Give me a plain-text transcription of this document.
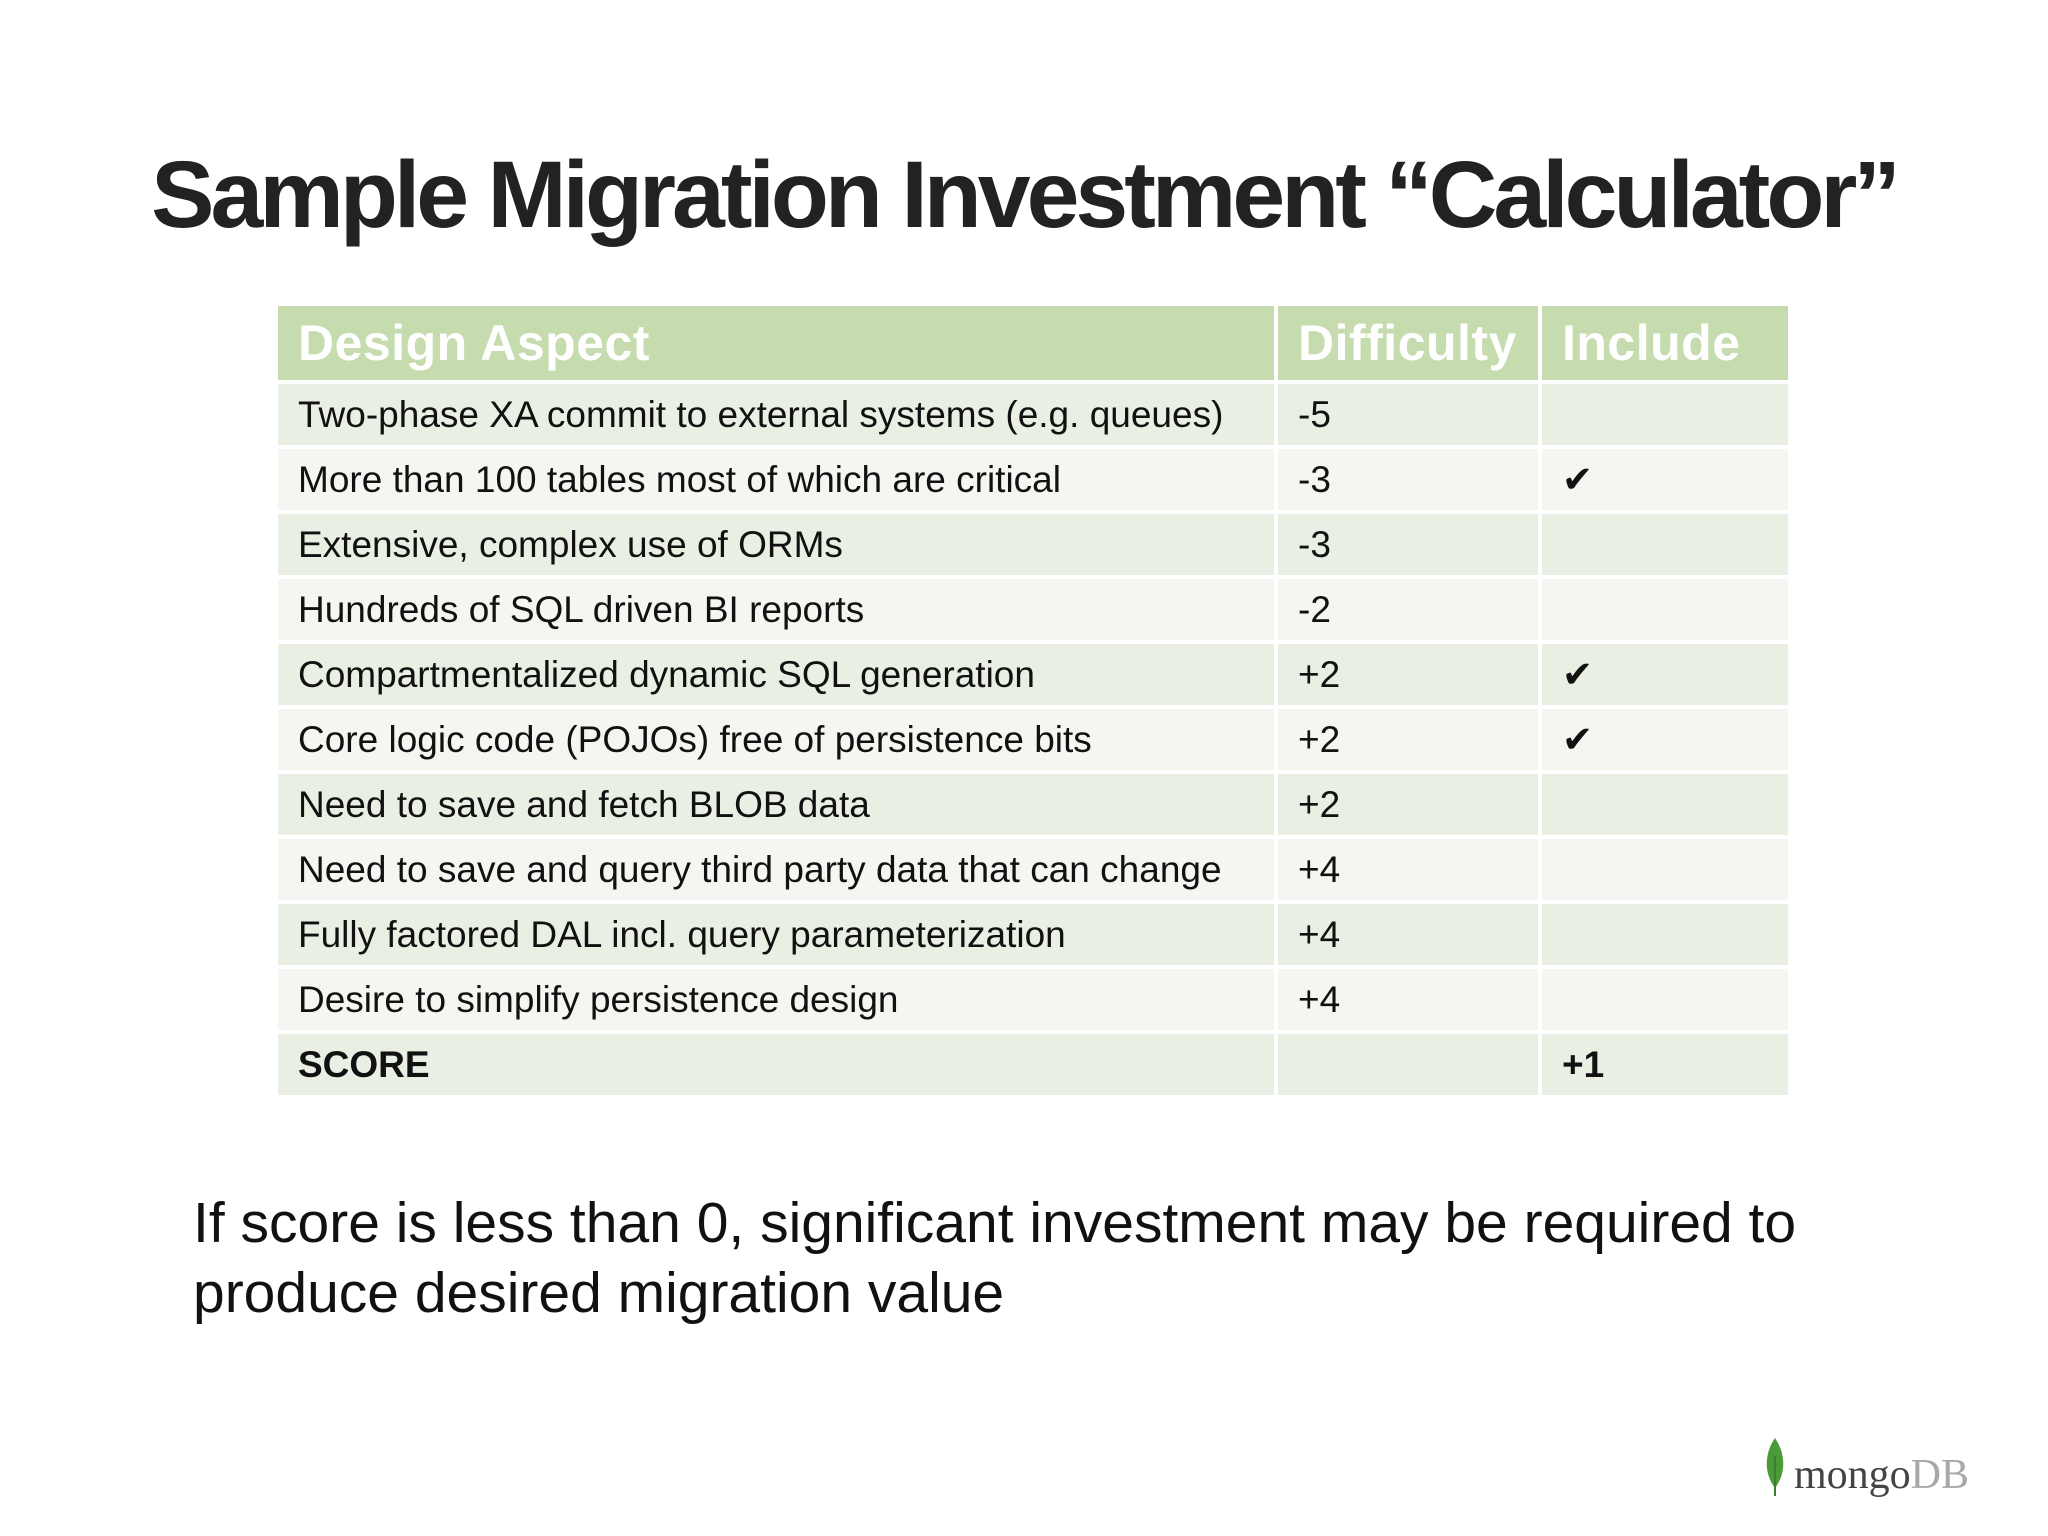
Sample Migration Investment “Calculator”
Design Aspect	Difficulty	Include
Two-phase XA commit to external systems (e.g. queues)	-5	
More than 100 tables most of which are critical	-3	✔
Extensive, complex use of ORMs	-3	
Hundreds of SQL driven BI reports	-2	
Compartmentalized dynamic SQL generation	+2	✔
Core logic code (POJOs) free of persistence bits	+2	✔
Need to save and fetch BLOB data	+2	
Need to save and query third party data that can change	+4	
Fully factored DAL incl. query parameterization	+4	
Desire to simplify persistence design	+4	
SCORE		+1

If score is less than 0, significant investment may be required to produce desired migration value

mongoDB
